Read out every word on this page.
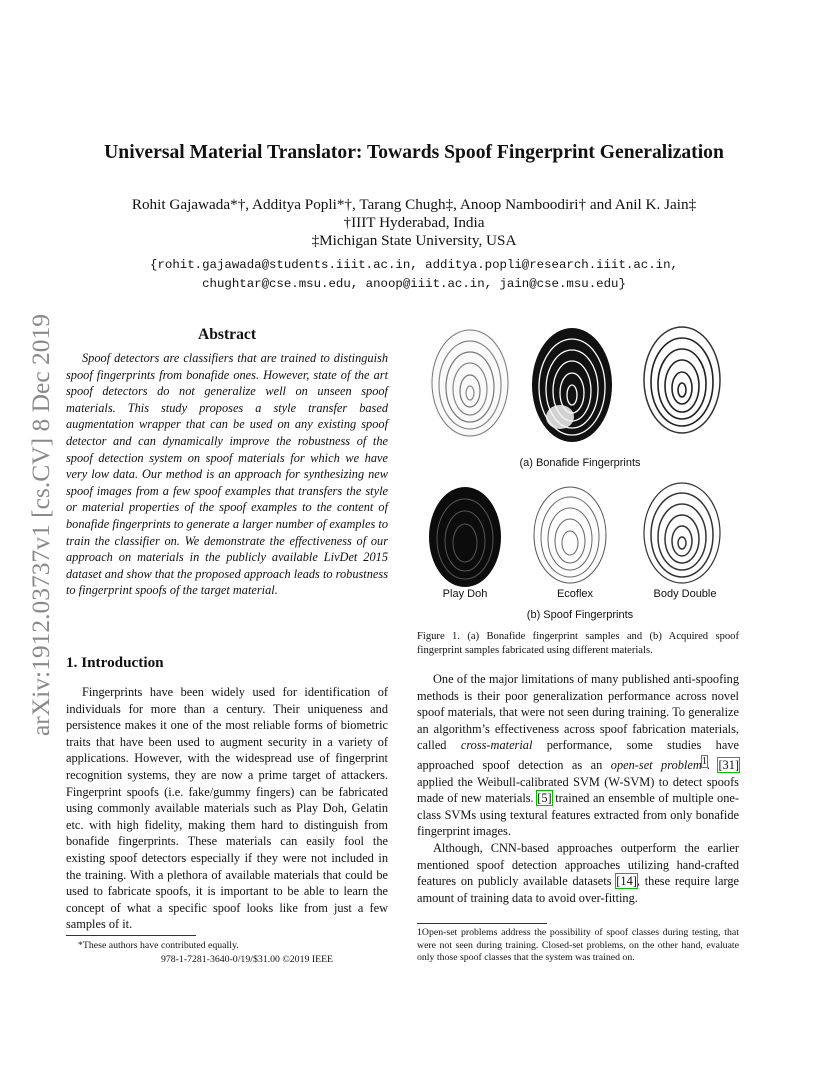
arXiv:1912.03737v1 [cs.CV] 8 Dec 2019
Universal Material Translator: Towards Spoof Fingerprint Generalization
Rohit Gajawada*†, Additya Popli*†, Tarang Chugh‡, Anoop Namboodiri† and Anil K. Jain‡
†IIIT Hyderabad, India
‡Michigan State University, USA
{rohit.gajawada@students.iiit.ac.in, additya.popli@research.iiit.ac.in,
chughtar@cse.msu.edu, anoop@iiit.ac.in, jain@cse.msu.edu}
Abstract
Spoof detectors are classifiers that are trained to distinguish spoof fingerprints from bonafide ones. However, state of the art spoof detectors do not generalize well on unseen spoof materials. This study proposes a style transfer based augmentation wrapper that can be used on any existing spoof detector and can dynamically improve the robustness of the spoof detection system on spoof materials for which we have very low data. Our method is an approach for synthesizing new spoof images from a few spoof examples that transfers the style or material properties of the spoof examples to the content of bonafide fingerprints to generate a larger number of examples to train the classifier on. We demonstrate the effectiveness of our approach on materials in the publicly available LivDet 2015 dataset and show that the proposed approach leads to robustness to fingerprint spoofs of the target material.
1. Introduction

Fingerprints have been widely used for identification of individuals for more than a century. Their uniqueness and persistence makes it one of the most reliable forms of biometric traits that have been used to augment security in a variety of applications. However, with the widespread use of fingerprint recognition systems, they are now a prime target of attackers. Fingerprint spoofs (i.e. fake/gummy fingers) can be fabricated using commonly available materials such as Play Doh, Gelatin etc. with high fidelity, making them hard to distinguish from bonafide fingerprints. These materials can easily fool the existing spoof detectors especially if they were not included in the training. With a plethora of available materials that could be used to fabricate spoofs, it is important to be able to learn the concept of what a specific spoof looks like from just a few samples of it.

*These authors have contributed equally.
978-1-7281-3640-0/19/$31.00 ©2019 IEEE
(a) Bonafide Fingerprints
Play Doh	Ecoflex	Body Double
(b) Spoof Fingerprints
Figure 1. (a) Bonafide fingerprint samples and (b) Acquired spoof fingerprint samples fabricated using different materials.

One of the major limitations of many published anti-spoofing methods is their poor generalization performance across novel spoof materials, that were not seen during training. To generalize an algorithm’s effectiveness across spoof fabrication materials, called cross-material performance, some studies have approached spoof detection as an open-set problem$^1$. [31] applied the Weibull-calibrated SVM (W-SVM) to detect spoofs made of new materials. [5] trained an ensemble of multiple one-class SVMs using textural features extracted from only bonafide fingerprint images.

Although, CNN-based approaches outperform the earlier mentioned spoof detection approaches utilizing hand-crafted features on publicly available datasets [14], these require large amount of training data to avoid over-fitting.

1Open-set problems address the possibility of spoof classes during testing, that were not seen during training. Closed-set problems, on the other hand, evaluate only those spoof classes that the system was trained on.
